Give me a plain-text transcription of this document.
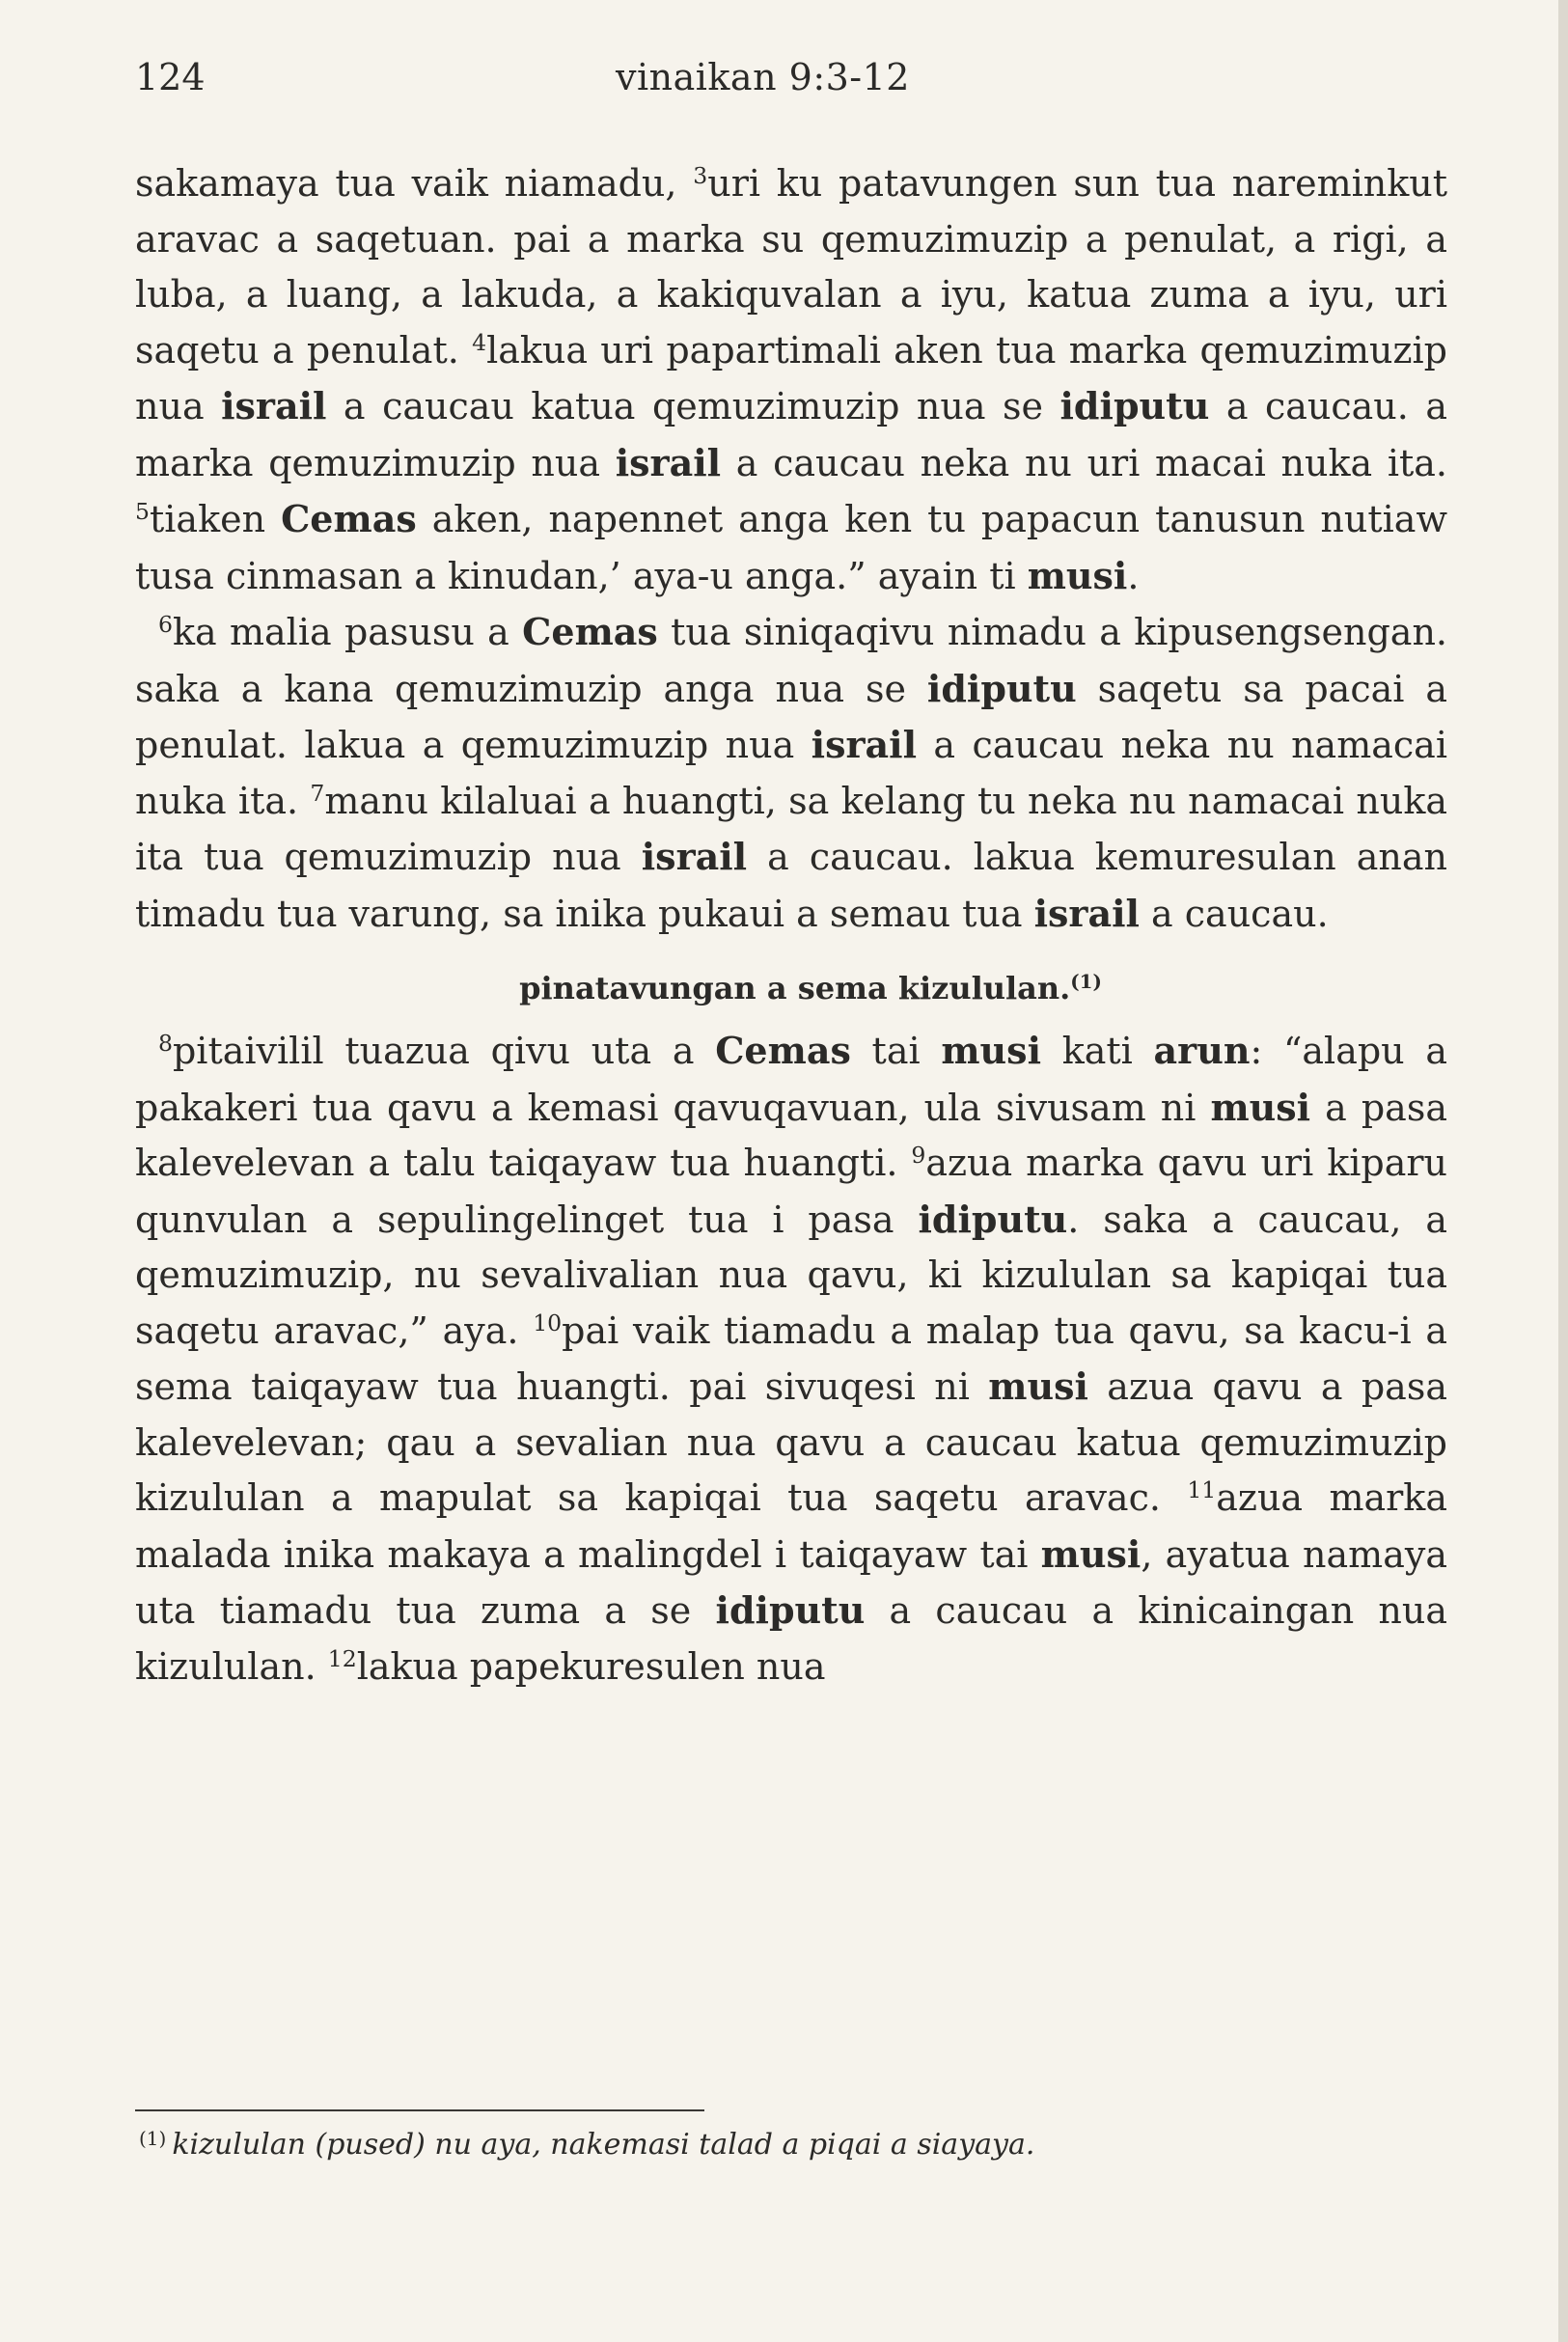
124	vinaikan 9:3-12

sakamaya tua vaik niamadu, $^3$uri ku patavungen sun tua nareminkut aravac a saqetuan. pai a marka su qemuzimuzip a penulat, a rigi, a luba, a luang, a lakuda, a kakiquvalan a iyu, katua zuma a iyu, uri saqetu a penulat. $^4$lakua uri papartimali aken tua marka qemuzimuzip nua israil a caucau katua qemuzimuzip nua se idiputu a caucau. a marka qemuzimuzip nua israil a caucau neka nu uri macai nuka ita. $^5$tiaken Cemas aken, napennet anga ken tu papacun tanusun nutiaw tusa cinmasan a kinudan,’ aya-u anga.” ayain ti musi.

$^6$ka malia pasusu a Cemas tua siniqaqivu nimadu a kipusengsengan. saka a kana qemuzimuzip anga nua se idiputu saqetu sa pacai a penulat. lakua a qemuzimuzip nua israil a caucau neka nu namacai nuka ita. $^7$manu kilaluai a huangti, sa kelang tu neka nu namacai nuka ita tua qemuzimuzip nua israil a caucau. lakua kemuresulan anan timadu tua varung, sa inika pukaui a semau tua israil a caucau.

pinatavungan a sema kizululan.$^{(1)}$

$^8$pitaivilil tuazua qivu uta a Cemas tai musi kati arun: “alapu a pakakeri tua qavu a kemasi qavuqavuan, ula sivusam ni musi a pasa kalevelevan a talu taiqayaw tua huangti. $^9$azua marka qavu uri kiparu qunvulan a sepulingelinget tua i pasa idiputu. saka a caucau, a qemuzimuzip, nu sevalivalian nua qavu, ki kizululan sa kapiqai tua saqetu aravac,” aya. $^{10}$pai vaik tiamadu a malap tua qavu, sa kacu-i a sema taiqayaw tua huangti. pai sivuqesi ni musi azua qavu a pasa kalevelevan; qau a sevalian nua qavu a caucau katua qemuzimuzip kizululan a mapulat sa kapiqai tua saqetu aravac. $^{11}$azua marka malada inika makaya a malingdel i taiqayaw tai musi, ayatua namaya uta tiamadu tua zuma a se idiputu a caucau a kinicaingan nua kizululan. $^{12}$lakua papekuresulen nua

$^{(1)}$ kizululan (pused) nu aya, nakemasi talad a piqai a siayaya.
